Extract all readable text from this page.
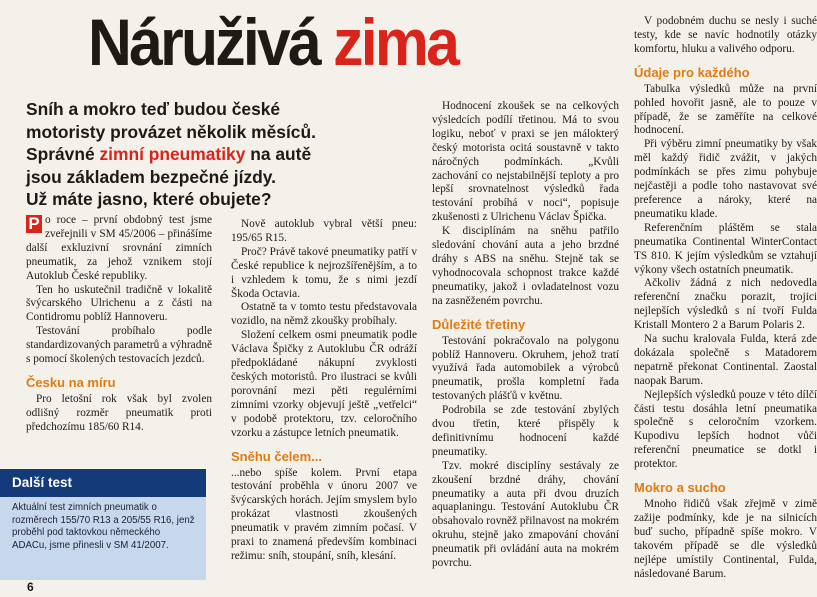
Náruživá zima
Sníh a mokro teď budou české
motoristy provázet několik měsíců.
Správné zimní pneumatiky na autě
jsou základem bezpečné jízdy.
Už máte jasno, které obujete?

P o roce – první obdobný test jsme zveřejnili v SM 45/2006 – přinášíme další exkluzivní srovnání zimních pneumatik, za jehož vznikem stojí Autoklub České republiky.

Ten ho uskutečnil tradičně v lokalitě švýcarského Ulrichenu a z části na Contidromu poblíž Hannoveru.

Testování probíhalo podle standardizovaných parametrů a výhradně s pomocí školených testovacích jezdců.

Česku na míru

Pro letošní rok však byl zvolen odlišný rozměr pneumatik proti předchozímu 185/60 R14.

Další test
Aktuální test zimních pneumatik o rozměrech 155/70 R13 a 205/55 R16, jenž proběhl pod taktovkou německého ADACu, jsme přinesli v SM 41/2007.
6

Nově autoklub vybral větší pneu: 195/65 R15.

Proč? Právě takové pneumatiky patří v České republice k nejrozšířenějším, a to i vzhledem k tomu, že s nimi jezdí Škoda Octavia.

Ostatně ta v tomto testu představovala vozidlo, na němž zkoušky probíhaly.

Složení celkem osmi pneumatik podle Václava Špičky z Autoklubu ČR odráží předpokládané nákupní zvyklosti českých motoristů. Pro ilustraci se kvůli porovnání mezi pěti regulérními zimními vzorky objevují ještě „vetřelci“ v podobě protektoru, tzv. celoročního vzorku a zástupce letních pneumatik.

Sněhu čelem...

...nebo spíše kolem. První etapa testování proběhla v únoru 2007 ve švýcarských horách. Jejím smyslem bylo prokázat vlastnosti zkoušených pneumatik v pravém zimním počasí. V praxi to znamená především kombinaci režimu: sníh, stoupání, sníh, klesání.

Hodnocení zkoušek se na celkových výsledcích podílí třetinou. Má to svou logiku, neboť v praxi se jen málokterý český motorista ocitá soustavně v takto náročných podmínkách. „Kvůli zachování co nejstabilnější teploty a pro lepší srovnatelnost výsledků řada testování probíhá v noci“, popisuje zkušenosti z Ulrichenu Václav Špička.

K disciplínám na sněhu patřilo sledování chování auta a jeho brzdné dráhy s ABS na sněhu. Stejně tak se vyhodnocovala schopnost trakce každé pneumatiky, jakož i ovladatelnost vozu na zasněženém povrchu.

Důležité třetiny

Testování pokračovalo na polygonu poblíž Hannoveru. Okruhem, jehož tratí využívá řada automobilek a výrobců pneumatik, prošla kompletní řada testovaných plášťů v květnu.

Podrobila se zde testování zbylých dvou třetin, které přispěly k definitivnímu hodnocení každé pneumatiky.

Tzv. mokré disciplíny sestávaly ze zkoušení brzdné dráhy, chování pneumatiky a auta při dvou druzích aquaplaningu. Testování Autoklubu ČR obsahovalo rovněž přilnavost na mokrém okruhu, stejně jako zmapování chování pneumatik při ovládání auta na mokrém povrchu.

V podobném duchu se nesly i suché testy, kde se navíc hodnotily otázky komfortu, hluku a valivého odporu.

Údaje pro každého

Tabulka výsledků může na první pohled hovořit jasně, ale to pouze v případě, že se zaměříte na celkové hodnocení.

Při výběru zimní pneumatiky by však měl každý řidič zvážit, v jakých podmínkách se přes zimu pohybuje nejčastěji a podle toho nastavovat své preference a nároky, které na pneumatiku klade.

Referenčním pláštěm se stala pneumatika Continental WinterContact TS 810. K jejím výsledkům se vztahují výkony všech ostatních pneumatik.

Ačkoliv žádná z nich nedovedla referenční značku porazit, trojici nejlepších výsledků s ní tvoří Fulda Kristall Montero 2 a Barum Polaris 2.

Na suchu kralovala Fulda, která zde dokázala společně s Matadorem nepatrně překonat Continental. Zaostal naopak Barum.

Nejlepších výsledků pouze v této dílčí části testu dosáhla letní pneumatika společně s celoročním vzorkem. Kupodivu lepších hodnot vůči referenční pneumatice se dotkl i protektor.

Mokro a sucho

Mnoho řidičů však zřejmě v zimě zažije podmínky, kde je na silnicích buď sucho, případně spíše mokro. V takovém případě se dle výsledků nejlépe umístily Continental, Fulda, následované Barum.
